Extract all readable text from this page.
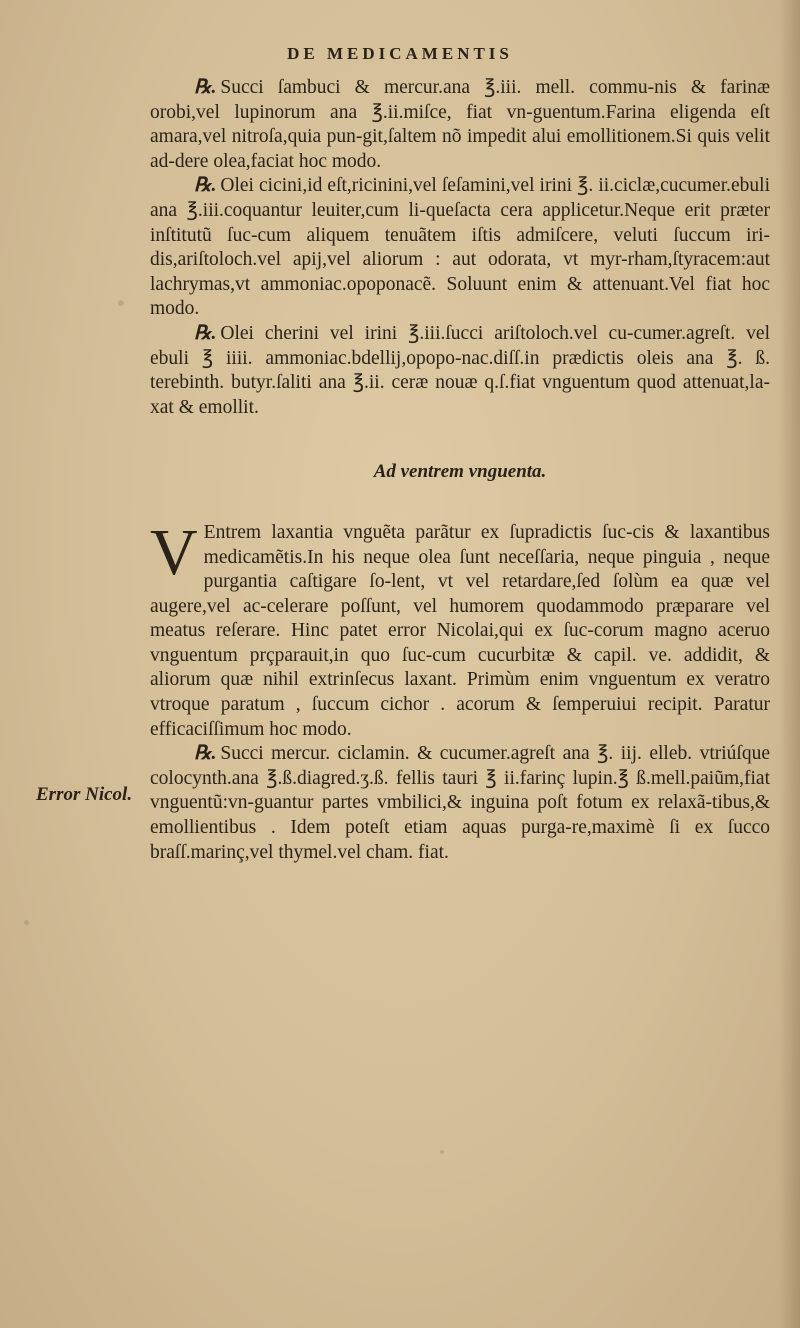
DE MEDICAMENTIS
Error Nicol.

℞. Succi ſambuci & mercur.ana ℥.iii. mell. commu-nis & farinæ orobi,vel lupinorum ana ℥.ii.miſce, fiat vn-guentum.Farina eligenda eſt amara,vel nitroſa,quia pun-git,ſaltem nõ impedit alui emollitionem.Si quis velit ad-dere olea,faciat hoc modo.

℞. Olei cicini,id eſt,ricinini,vel ſeſamini,vel irini ℥. ii.ciclæ,cucumer.ebuli ana ℥.iii.coquantur leuiter,cum li-queſacta cera applicetur.Neque erit præter inſtitutũ ſuc-cum aliquem tenuãtem iſtis admiſcere, veluti ſuccum iri-dis,ariſtoloch.vel apij,vel aliorum : aut odorata, vt myr-rham,ſtyracem:aut lachrymas,vt ammoniac.opoponacẽ. Soluunt enim & attenuant.Vel fiat hoc modo.

℞. Olei cherini vel irini ℥.iii.ſucci ariſtoloch.vel cu-cumer.agreſt. vel ebuli ℥ iiii. ammoniac.bdellij,opopo-nac.diſſ.in prædictis oleis ana ℥. ß. terebinth. butyr.ſaliti ana ℥.ii. ceræ nouæ q.ſ.fiat vnguentum quod attenuat,la-xat & emollit.

Ad ventrem vnguenta.

V Entrem laxantia vnguẽta parãtur ex ſupradictis ſuc-cis & laxantibus medicamẽtis.In his neque olea ſunt neceſſaria, neque pinguia , neque purgantia caſtigare ſo-lent, vt vel retardare,ſed ſolùm ea quæ vel augere,vel ac-celerare poſſunt, vel humorem quodammodo præparare vel meatus reſerare. Hinc patet error Nicolai,qui ex ſuc-corum magno aceruo vnguentum prçparauit,in quo ſuc-cum cucurbitæ & capil. ve. addidit, & aliorum quæ nihil extrinſecus laxant. Primùm enim vnguentum ex veratro vtroque paratum , ſuccum cichor . acorum & ſemperuiui recipit. Paratur efficaciſſimum hoc modo.

℞. Succi mercur. ciclamin. & cucumer.agreſt ana ℥. iij. elleb. vtriúſque colocynth.ana ℥.ß.diagred.ʒ.ß. fellis tauri ℥ ii.farinç lupin.℥ ß.mell.paiũm,fiat vnguentũ:vn-guantur partes vmbilici,& inguina poſt fotum ex relaxã-tibus,& emollientibus . Idem poteſt etiam aquas purga-re,maximè ſi ex ſucco braſſ.marinç,vel thymel.vel cham. fiat.
